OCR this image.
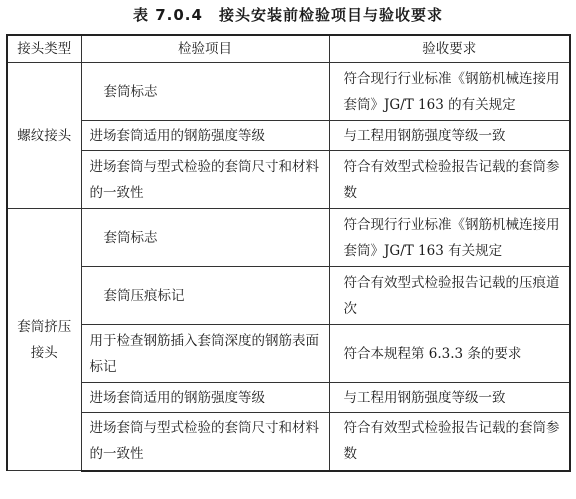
表 7.0.4 接头安装前检验项目与验收要求
接头类型	检验项目	验收要求
螺纹接头	套筒标志	符合现行行业标准《钢筋机械连接用套筒》JG/T 163 的有关规定
	进场套筒适用的钢筋强度等级	与工程用钢筋强度等级一致
	进场套筒与型式检验的套筒尺寸和材料的一致性	符合有效型式检验报告记载的套筒参数
套筒挤压接头	套筒标志	符合现行行业标准《钢筋机械连接用套筒》JG/T 163 有关规定
	套筒压痕标记	符合有效型式检验报告记载的压痕道次
	用于检查钢筋插入套筒深度的钢筋表面标记	符合本规程第 6.3.3 条的要求
	进场套筒适用的钢筋强度等级	与工程用钢筋强度等级一致
	进场套筒与型式检验的套筒尺寸和材料的一致性	符合有效型式检验报告记载的套筒参数
